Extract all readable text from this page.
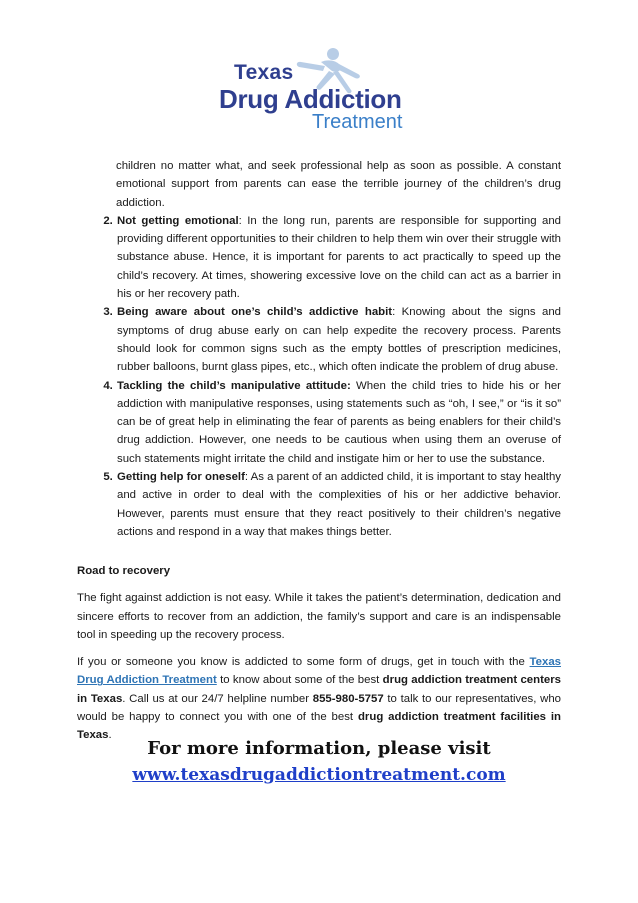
Texas
Drug Addiction
Treatment
children no matter what, and seek professional help as soon as possible. A constant emotional support from parents can ease the terrible journey of the children’s drug addiction.
2. Not getting emotional: In the long run, parents are responsible for supporting and providing different opportunities to their children to help them win over their struggle with substance abuse. Hence, it is important for parents to act practically to speed up the child’s recovery. At times, showering excessive love on the child can act as a barrier in his or her recovery path.
3. Being aware about one’s child’s addictive habit: Knowing about the signs and symptoms of drug abuse early on can help expedite the recovery process. Parents should look for common signs such as the empty bottles of prescription medicines, rubber balloons, burnt glass pipes, etc., which often indicate the problem of drug abuse.
4. Tackling the child’s manipulative attitude: When the child tries to hide his or her addiction with manipulative responses, using statements such as “oh, I see,” or “is it so” can be of great help in eliminating the fear of parents as being enablers for their child’s drug addiction. However, one needs to be cautious when using them an overuse of such statements might irritate the child and instigate him or her to use the substance.
5. Getting help for oneself: As a parent of an addicted child, it is important to stay healthy and active in order to deal with the complexities of his or her addictive behavior. However, parents must ensure that they react positively to their children’s negative actions and respond in a way that makes things better.

Road to recovery

The fight against addiction is not easy. While it takes the patient’s determination, dedication and sincere efforts to recover from an addiction, the family’s support and care is an indispensable tool in speeding up the recovery process.

If you or someone you know is addicted to some form of drugs, get in touch with the Texas Drug Addiction Treatment to know about some of the best drug addiction treatment centers in Texas. Call us at our 24/7 helpline number 855-980-5757 to talk to our representatives, who would be happy to connect you with one of the best drug addiction treatment facilities in Texas.

For more information, please visit
www.texasdrugaddictiontreatment.com
